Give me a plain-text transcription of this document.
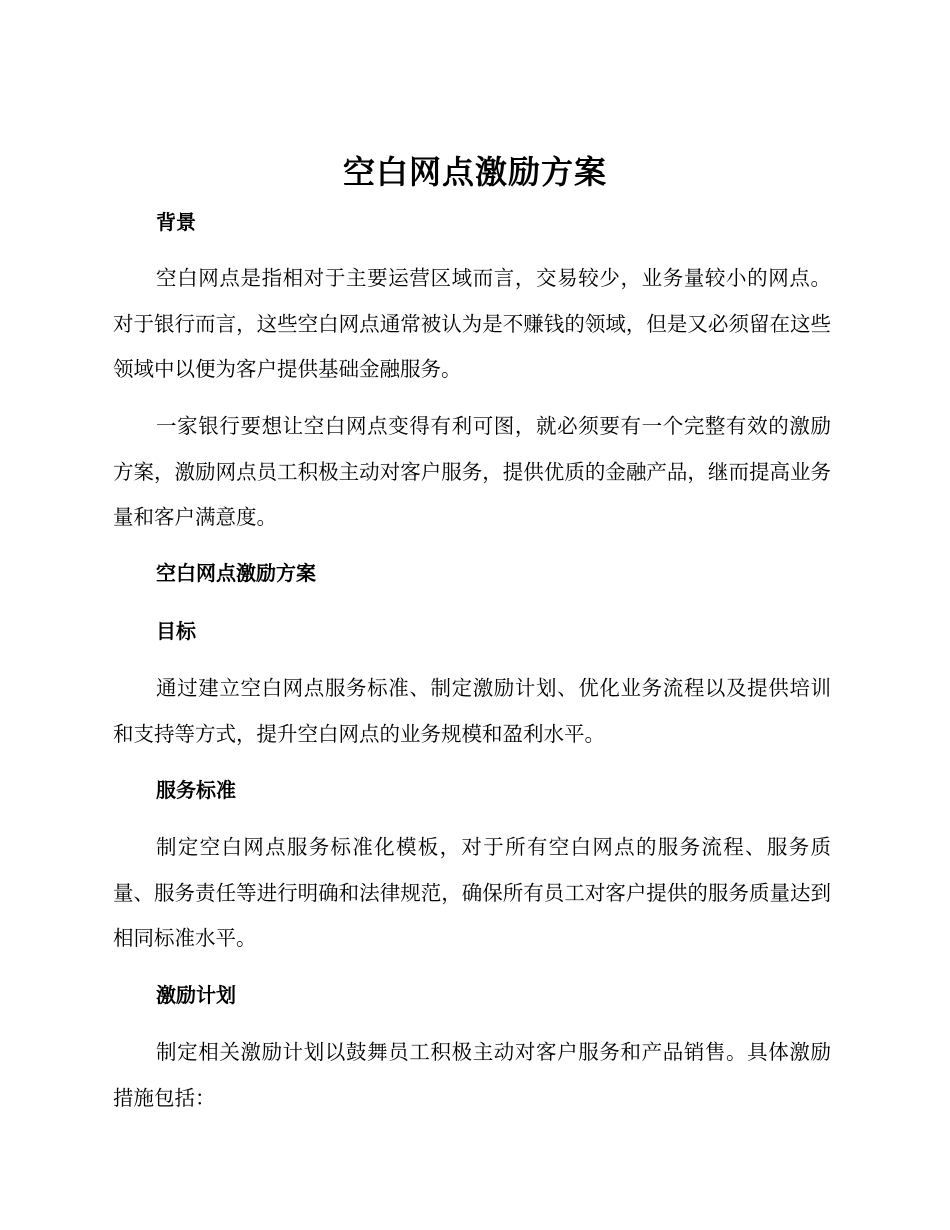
空白网点激励方案
背景

空白网点是指相对于主要运营区域而言，交易较少，业务量较小的网点。对于银行而言，这些空白网点通常被认为是不赚钱的领域，但是又必须留在这些领域中以便为客户提供基础金融服务。

一家银行要想让空白网点变得有利可图，就必须要有一个完整有效的激励方案，激励网点员工积极主动对客户服务，提供优质的金融产品，继而提高业务量和客户满意度。

空白网点激励方案
目标

通过建立空白网点服务标准、制定激励计划、优化业务流程以及提供培训和支持等方式，提升空白网点的业务规模和盈利水平。

服务标准

制定空白网点服务标准化模板，对于所有空白网点的服务流程、服务质量、服务责任等进行明确和法律规范，确保所有员工对客户提供的服务质量达到相同标准水平。

激励计划

制定相关激励计划以鼓舞员工积极主动对客户服务和产品销售。具体激励措施包括：
